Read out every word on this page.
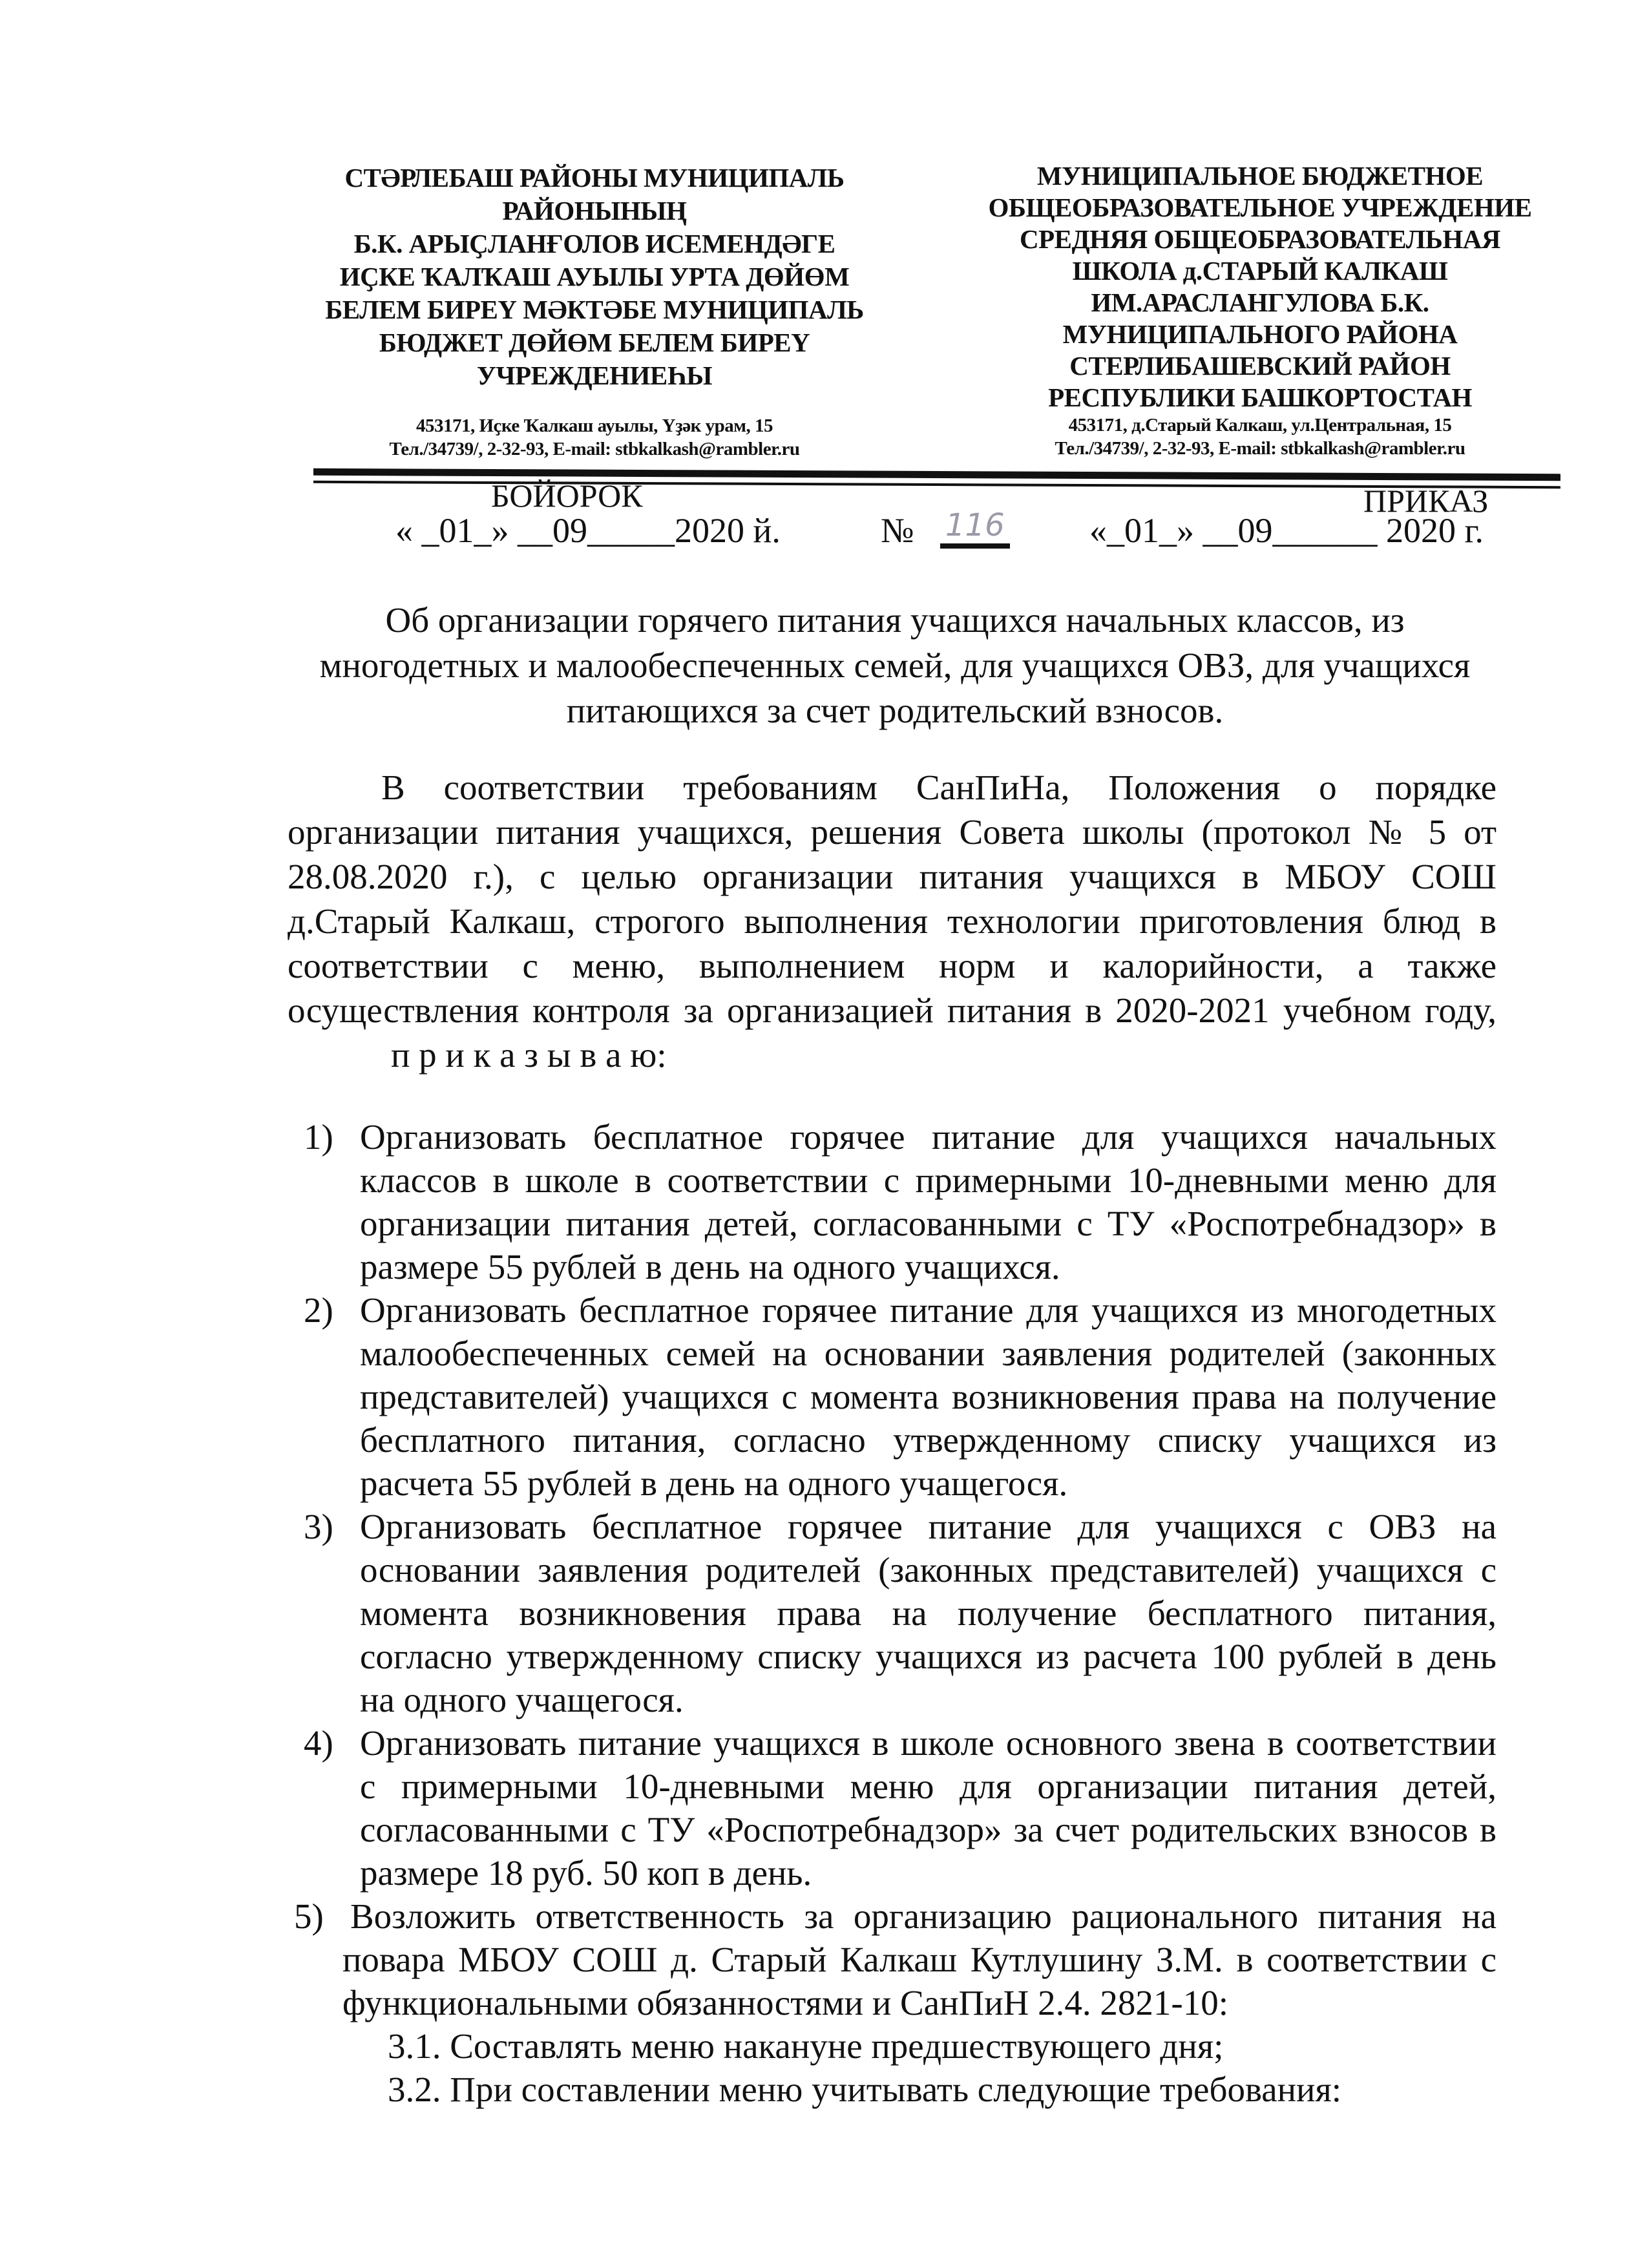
СТӘРЛЕБАШ РАЙОНЫ МУНИЦИПАЛЬ
РАЙОНЫНЫҢ
Б.К. АРЫҪЛАНҒОЛОВ ИСЕМЕНДӘГЕ
ИҪКЕ ҠАЛҠАШ АУЫЛЫ УРТА ДӨЙӨМ
БЕЛЕМ БИРЕҮ МӘКТӘБЕ МУНИЦИПАЛЬ
БЮДЖЕТ ДӨЙӨМ БЕЛЕМ БИРЕҮ
УЧРЕЖДЕНИЕҺЫ
453171, Иҫке Ҡалкаш ауылы, Үҙәк урам, 15
Тел./34739/, 2-32-93, E-mail: stbkalkash@rambler.ru
МУНИЦИПАЛЬНОЕ БЮДЖЕТНОЕ
ОБЩЕОБРАЗОВАТЕЛЬНОЕ УЧРЕЖДЕНИЕ
СРЕДНЯЯ ОБЩЕОБРАЗОВАТЕЛЬНАЯ
ШКОЛА д.СТАРЫЙ КАЛКАШ
ИМ.АРАСЛАНГУЛОВА Б.К.
МУНИЦИПАЛЬНОГО РАЙОНА
СТЕРЛИБАШЕВСКИЙ РАЙОН
РЕСПУБЛИКИ БАШКОРТОСТАН
453171, д.Старый Калкаш, ул.Центральная, 15
Тел./34739/, 2-32-93, E-mail: stbkalkash@rambler.ru
БОЙОРОК	ПРИКАЗ
« _01_» __09_____2020 й.	№ 116 «_01_» __09______ 2020 г.
Об организации горячего питания учащихся начальных классов, из многодетных и малообеспеченных семей, для учащихся ОВЗ, для учащихся питающихся за счет родительский взносов.
В соответствии требованиям СанПиНа, Положения о порядке
организации питания учащихся, решения Совета школы (протокол № 5 от
28.08.2020 г.), с целью организации питания учащихся в МБОУ СОШ
д.Старый Калкаш, строгого выполнения технологии приготовления блюд в
соответствии с меню, выполнением норм и калорийности, а также
осуществления контроля за организацией питания в 2020-2021 учебном году,
п р и к а з ы в а ю:
1) Организовать бесплатное горячее питание для учащихся начальных
классов в школе в соответствии с примерными 10-дневными меню для
организации питания детей, согласованными с ТУ «Роспотребнадзор» в
размере 55 рублей в день на одного учащихся.
2) Организовать бесплатное горячее питание для учащихся из многодетных
малообеспеченных семей на основании заявления родителей (законных
представителей) учащихся с момента возникновения права на получение
бесплатного питания, согласно утвержденному списку учащихся из
расчета 55 рублей в день на одного учащегося.
3) Организовать бесплатное горячее питание для учащихся с ОВЗ на
основании заявления родителей (законных представителей) учащихся с
момента возникновения права на получение бесплатного питания,
согласно утвержденному списку учащихся из расчета 100 рублей в день
на одного учащегося.
4) Организовать питание учащихся в школе основного звена в соответствии
с примерными 10-дневными меню для организации питания детей,
согласованными с ТУ «Роспотребнадзор» за счет родительских взносов в
размере 18 руб. 50 коп в день.
5) Возложить ответственность за организацию рационального питания на
повара МБОУ СОШ д. Старый Калкаш Кутлушину З.М. в соответствии с
функциональными обязанностями и СанПиН 2.4. 2821-10:
3.1. Составлять меню накануне предшествующего дня;
3.2. При составлении меню учитывать следующие требования:
